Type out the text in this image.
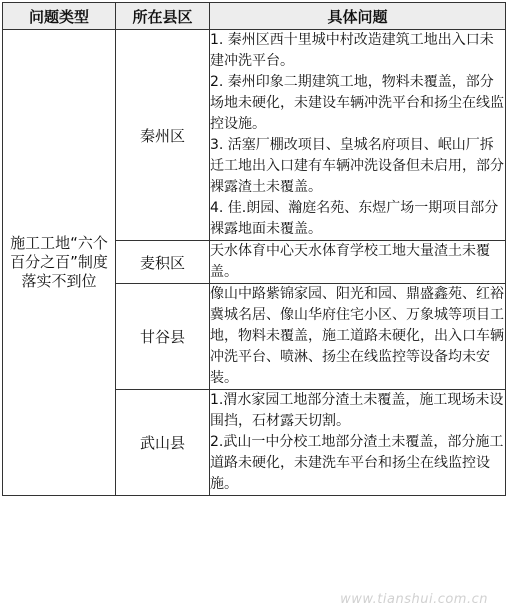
问题类型	所在县区	具体问题
施工工地“六个百分之百”制度落实不到位	秦州区	1. 秦州区西十里城中村改造建筑工地出入口未建冲洗平台。
2. 秦州印象二期建筑工地，物料未覆盖，部分场地未硬化，未建设车辆冲洗平台和扬尘在线监控设施。
3. 活塞厂棚改项目、皇城名府项目、岷山厂拆迁工地出入口建有车辆冲洗设备但未启用，部分裸露渣土未覆盖。
4. 佳.朗园、瀚庭名苑、东煜广场一期项目部分裸露地面未覆盖。

	麦积区	天水体育中心天水体育学校工地大量渣土未覆盖。

	甘谷县	像山中路紫锦家园、阳光和园、鼎盛鑫苑、红裕冀城名居、像山华府住宅小区、万象城等项目工地，物料未覆盖，施工道路未硬化，出入口车辆冲洗平台、喷淋、扬尘在线监控等设备均未安装。

	武山县	1.渭水家园工地部分渣土未覆盖，施工现场未设围挡，石材露天切割。
2.武山一中分校工地部分渣土未覆盖，部分施工道路未硬化，未建洗车平台和扬尘在线监控设施。
www.tianshui.com.cn
